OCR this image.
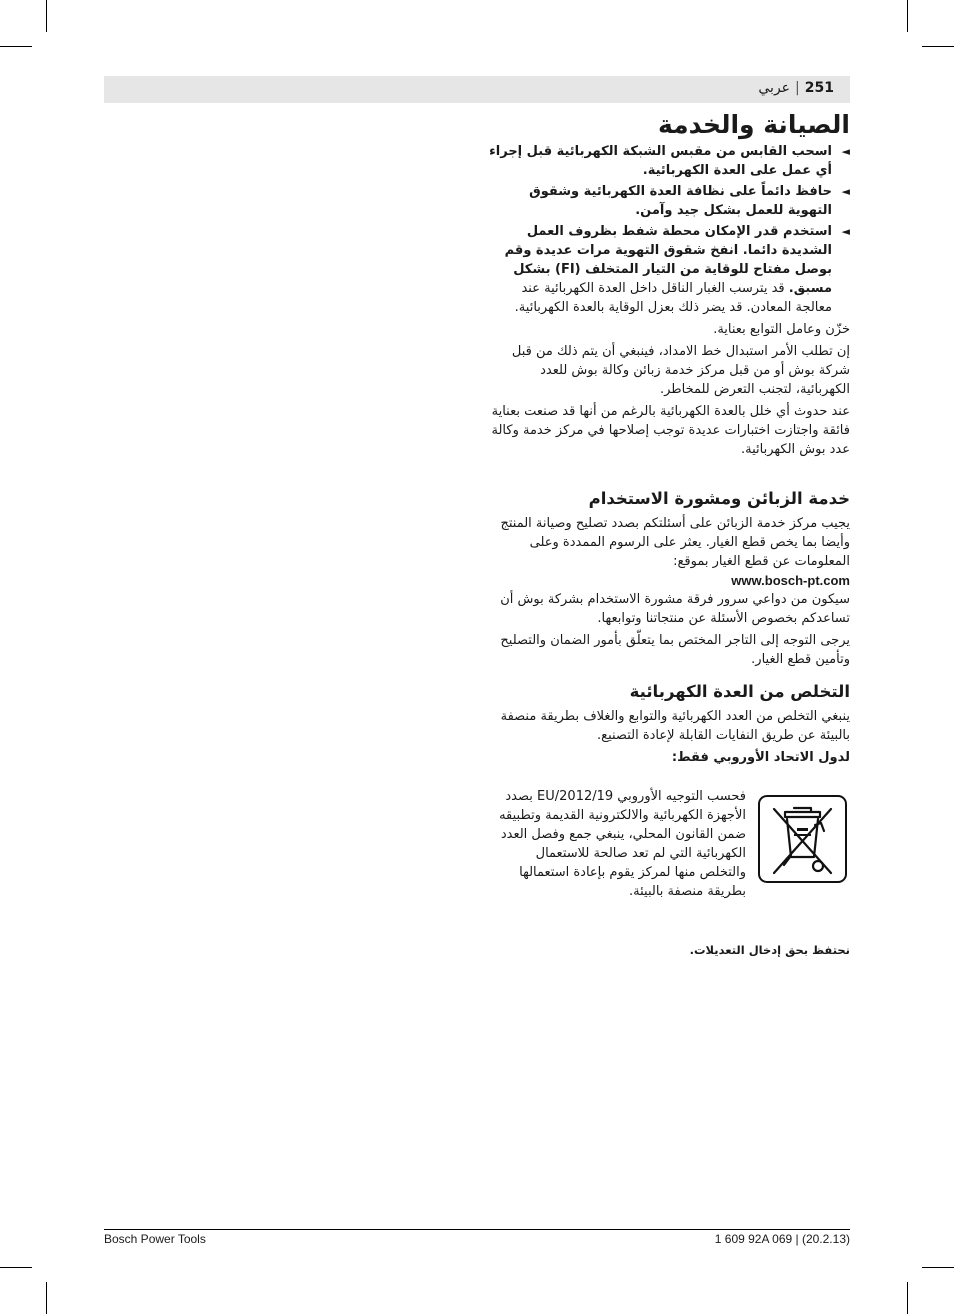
251|عربي
الصيانة والخدمة

◄
اسحب القابس من مقبس الشبكة الكهربائية قبل إجراء أي عمل على العدة الكهربائية.

◄
حافظ دائماً على نظافة العدة الكهربائية وشقوق التهوية للعمل بشكل جيد وآمن.

◄
استخدم قدر الإمكان محطة شفط بظروف العمل الشديدة دائما. انفخ شقوق التهوية مرات عديدة وقم بوصل مفتاح للوقاية من التيار المتخلف (FI) بشكل مسبق. قد يترسب الغبار الناقل داخل العدة الكهربائية عند معالجة المعادن. قد يضر ذلك بعزل الوقاية بالعدة الكهربائية.

خزّن وعامل التوابع بعناية.

إن تطلب الأمر استبدال خط الامداد، فينبغي أن يتم ذلك من قبل شركة بوش أو من قبل مركز خدمة زبائن وكالة بوش للعدد الكهربائية، لتجنب التعرض للمخاطر.

عند حدوث أي خلل بالعدة الكهربائية بالرغم من أنها قد صنعت بعناية فائقة واجتازت اختبارات عديدة توجب إصلاحها في مركز خدمة وكالة عدد بوش الكهربائية.

خدمة الزبائن ومشورة الاستخدام

يجيب مركز خدمة الزبائن على أسئلتكم بصدد تصليح وصيانة المنتج وأيضا بما يخص قطع الغيار. يعثر على الرسوم الممددة وعلى المعلومات عن قطع الغيار بموقع:

www.bosch-pt.com

سيكون من دواعي سرور فرقة مشورة الاستخدام بشركة بوش أن تساعدكم بخصوص الأسئلة عن منتجاتنا وتوابعها.

يرجى التوجه إلى التاجر المختص بما يتعلّق بأمور الضمان والتصليح وتأمين قطع الغيار.

التخلص من العدة الكهربائية

ينبغي التخلص من العدد الكهربائية والتوابع والغلاف بطريقة منصفة بالبيئة عن طريق النفايات القابلة لإعادة التصنيع.

لدول الاتحاد الأوروبي فقط:

فحسب التوجيه الأوروبي 2012/19/EU بصدد الأجهزة الكهربائية والالكترونية القديمة وتطبيقه ضمن القانون المحلي، ينبغي جمع وفصل العدد الكهربائية التي لم تعد صالحة للاستعمال والتخلص منها لمركز يقوم بإعادة استعمالها بطريقة منصفة بالبيئة.

نحتفظ بحق إدخال التعديلات.

Bosch Power Tools	1 609 92A 069 | (20.2.13)
